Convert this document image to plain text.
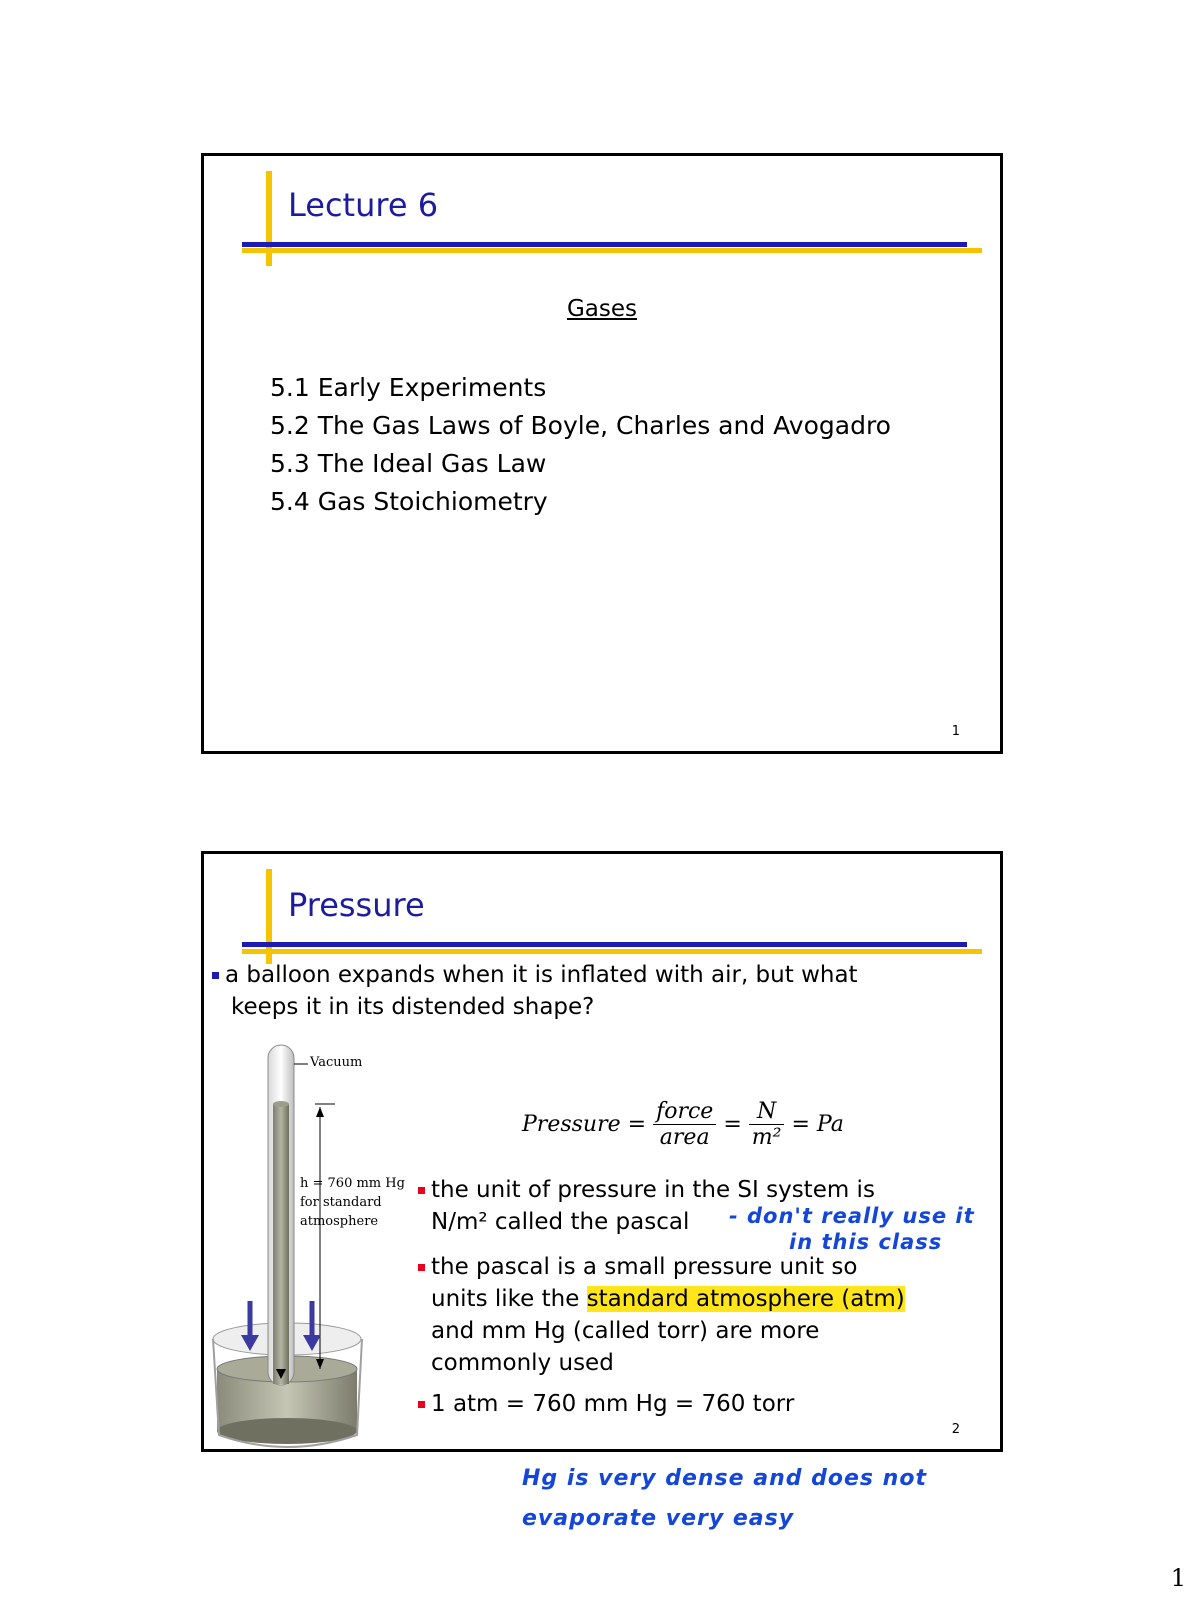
Lecture 6
Gases
5.1 Early Experiments
5.2 The Gas Laws of Boyle, Charles and Avogadro
5.3 The Ideal Gas Law
5.4 Gas Stoichiometry
1
Pressure
a balloon expands when it is inflated with air, but what
keeps it in its distended shape?
Vacuum
h = 760 mm Hg
for standard
atmosphere
Pressure =
force
area
= $\frac{N}{\text{m²}} = Pa$
the unit of pressure in the SI system is
N/m² called the pascal
the pascal is a small pressure unit so
units like the standard atmosphere (atm)
and mm Hg (called torr) are more
commonly used
1 atm = 760 mm Hg = 760 torr
2
- don't really use it
in this class
Hg is very dense and does not
evaporate very easy
1
